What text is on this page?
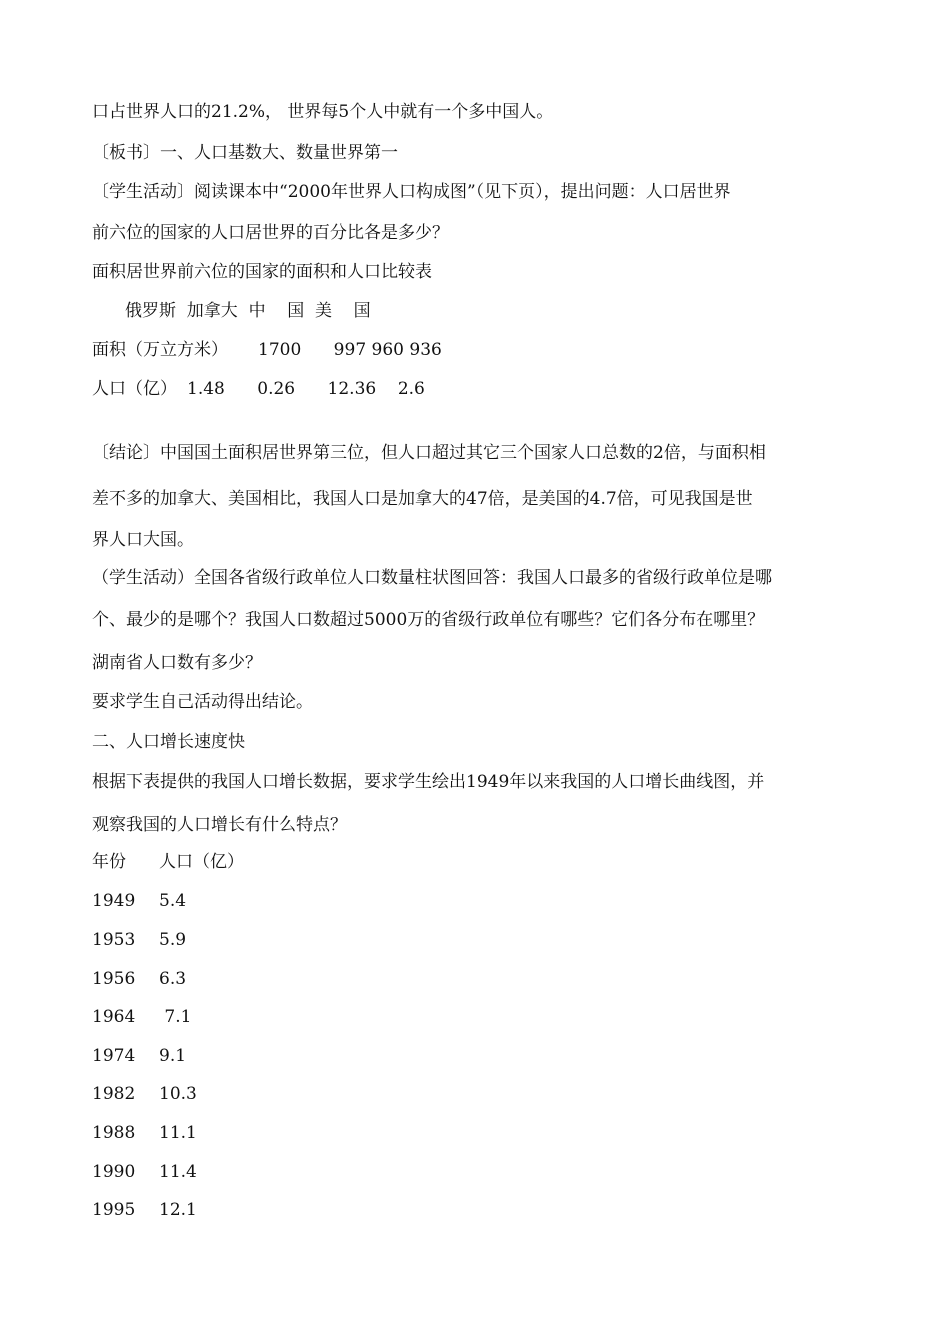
口占世界人口的21.2%， 世界每5个人中就有一个多中国人。
〔板书〕一、人口基数大、数量世界第一
〔学生活动〕阅读课本中“2000年世界人口构成图”（见下页），提出问题：人口居世界
前六位的国家的人口居世界的百分比各是多少？
面积居世界前六位的国家的面积和人口比较表
俄罗斯  加拿大  中    国  美    国

面积（万立方米）

1700      997 960 936

人口（亿）

1.48      0.26      12.36    2.6

〔结论〕中国国土面积居世界第三位，但人口超过其它三个国家人口总数的2倍，与面积相
差不多的加拿大、美国相比，我国人口是加拿大的47倍，是美国的4.7倍，可见我国是世
界人口大国。
（学生活动）全国各省级行政单位人口数量柱状图回答：我国人口最多的省级行政单位是哪
个、最少的是哪个？我国人口数超过5000万的省级行政单位有哪些？它们各分布在哪里？
湖南省人口数有多少？
要求学生自己活动得出结论。
二、人口增长速度快
根据下表提供的我国人口增长数据，要求学生绘出1949年以来我国的人口增长曲线图，并
观察我国的人口增长有什么特点？

年份

人口（亿）

1949

5.4

1953

5.9

1956

6.3

1964

7.1

1974

9.1

1982

10.3

1988

11.1

1990

11.4

1995

12.1
